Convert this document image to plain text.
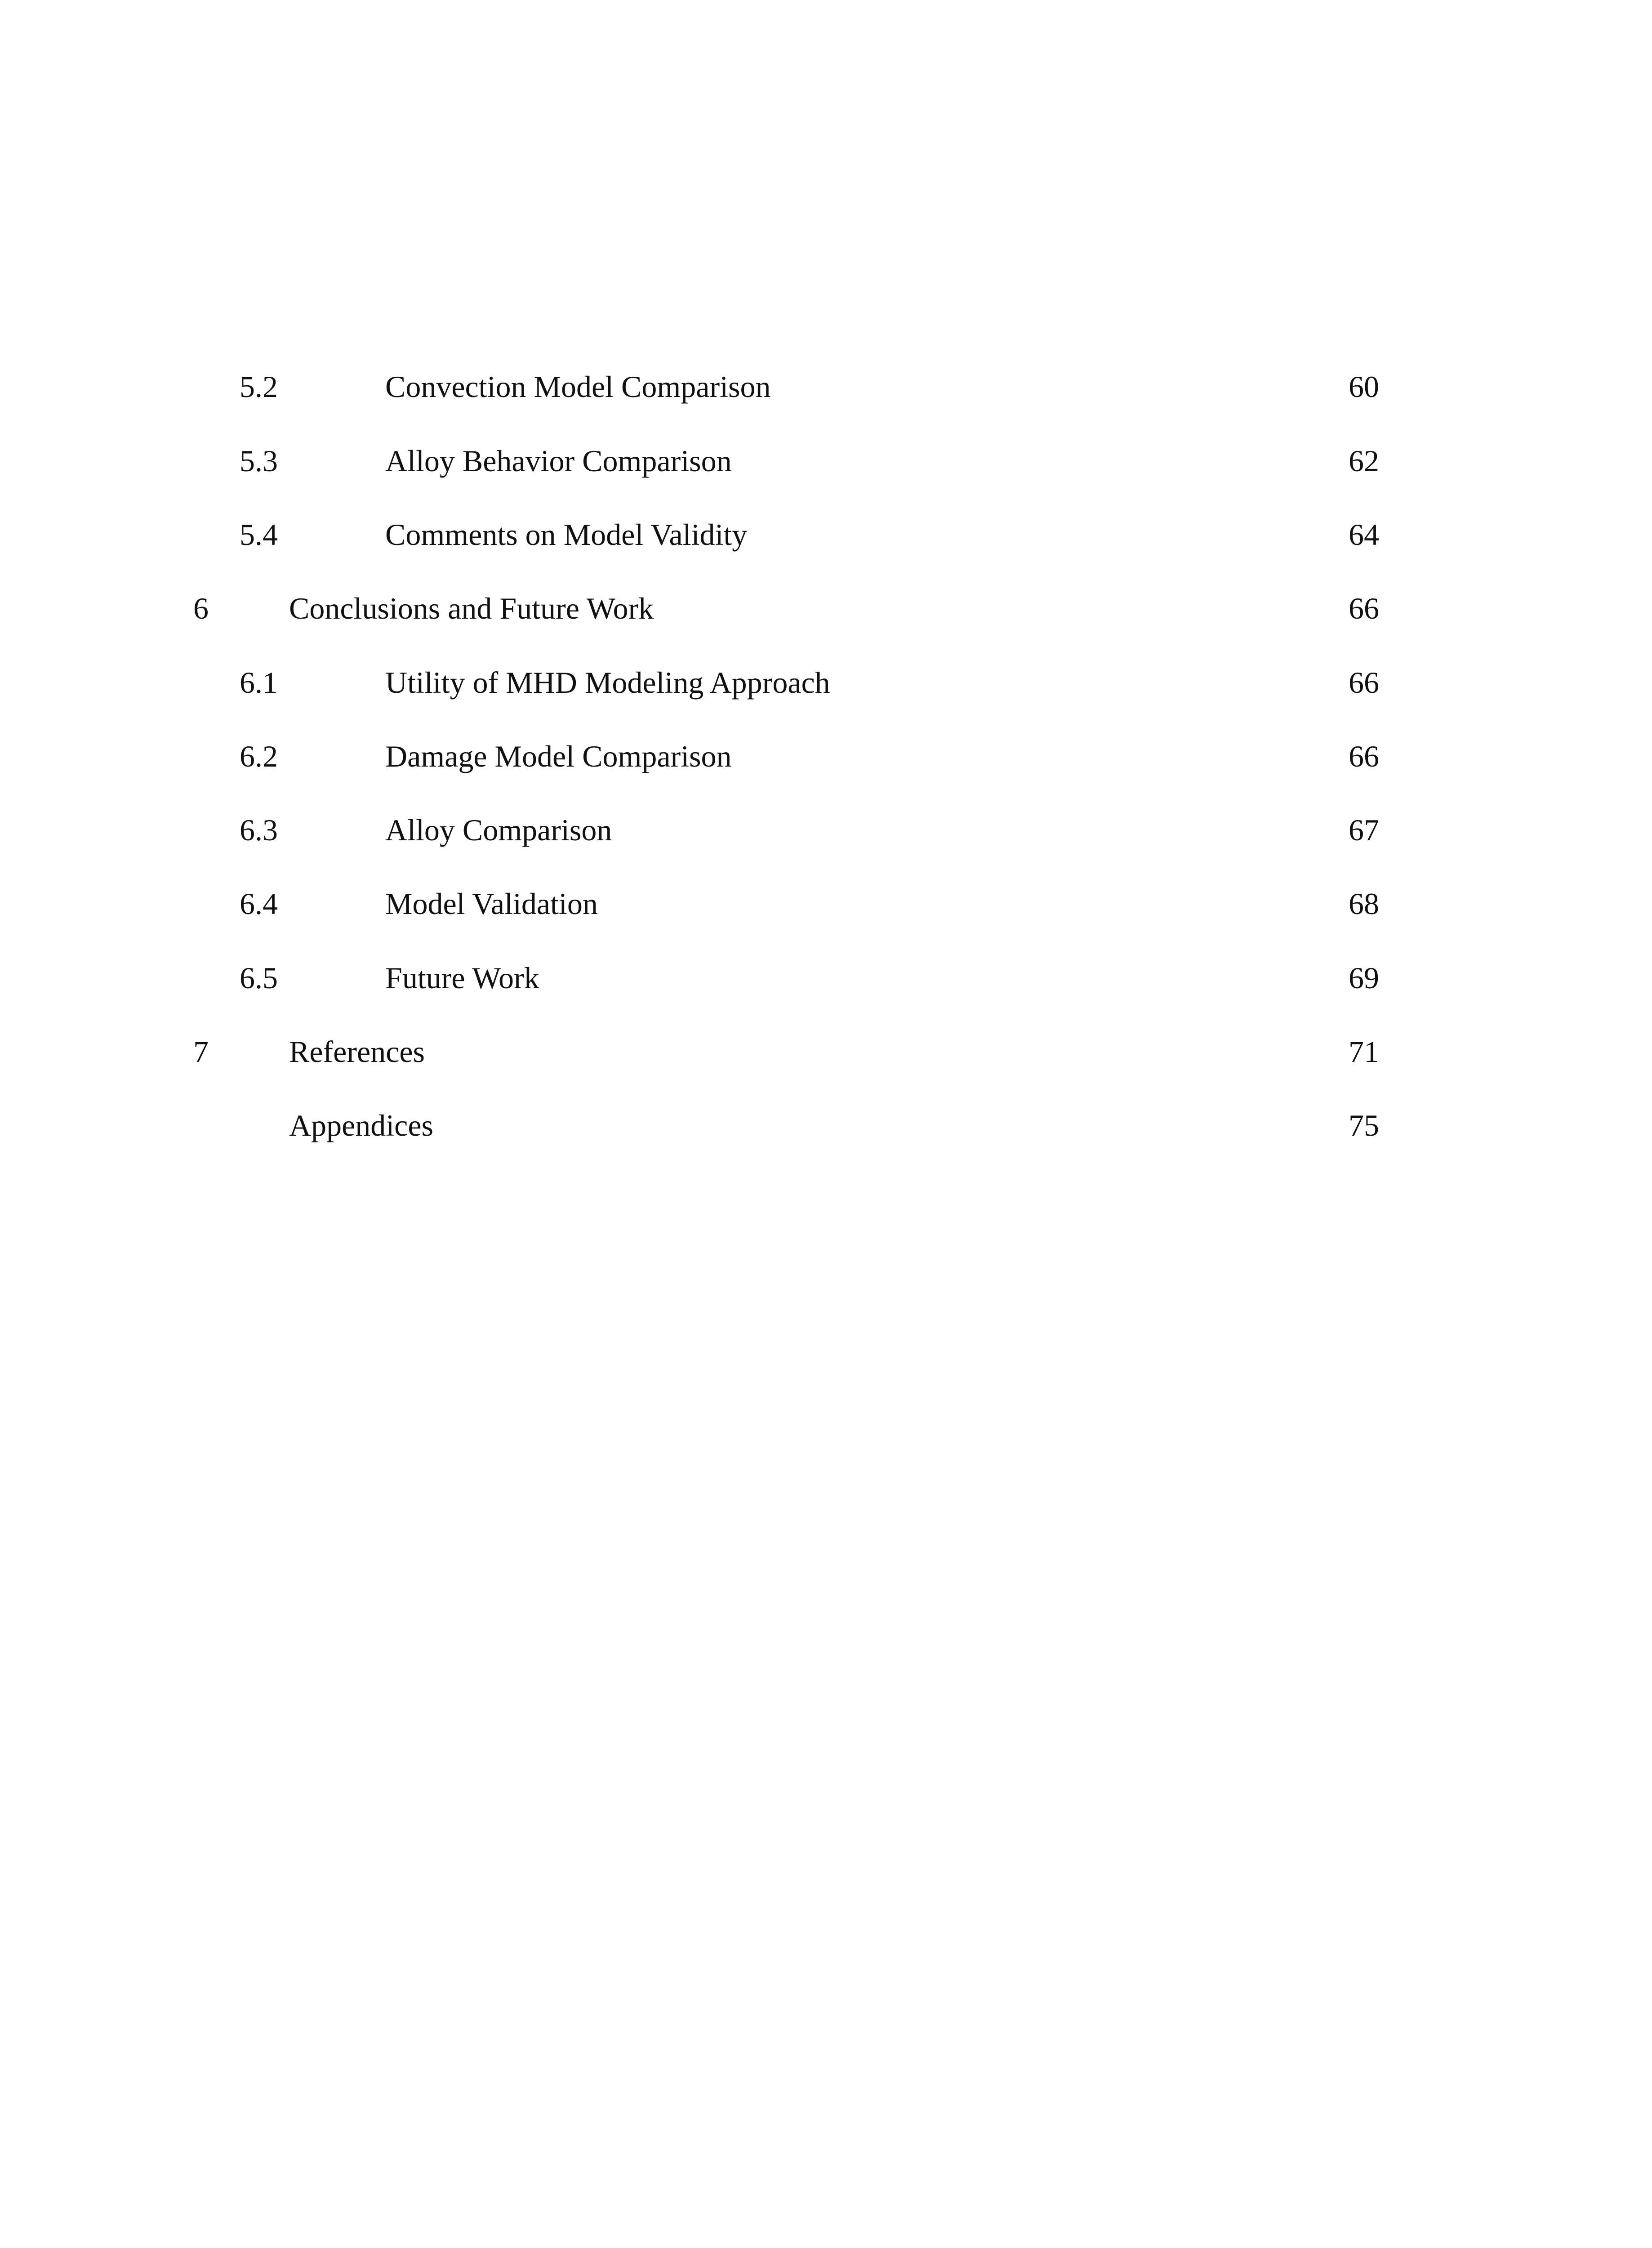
5.2	Convection Model Comparison	60
5.3	Alloy Behavior Comparison	62
5.4	Comments on Model Validity	64
6	Conclusions and Future Work	66
6.1	Utility of MHD Modeling Approach	66
6.2	Damage Model Comparison	66
6.3	Alloy Comparison	67
6.4	Model Validation	68
6.5	Future Work	69
7	References	71
Appendices	75
